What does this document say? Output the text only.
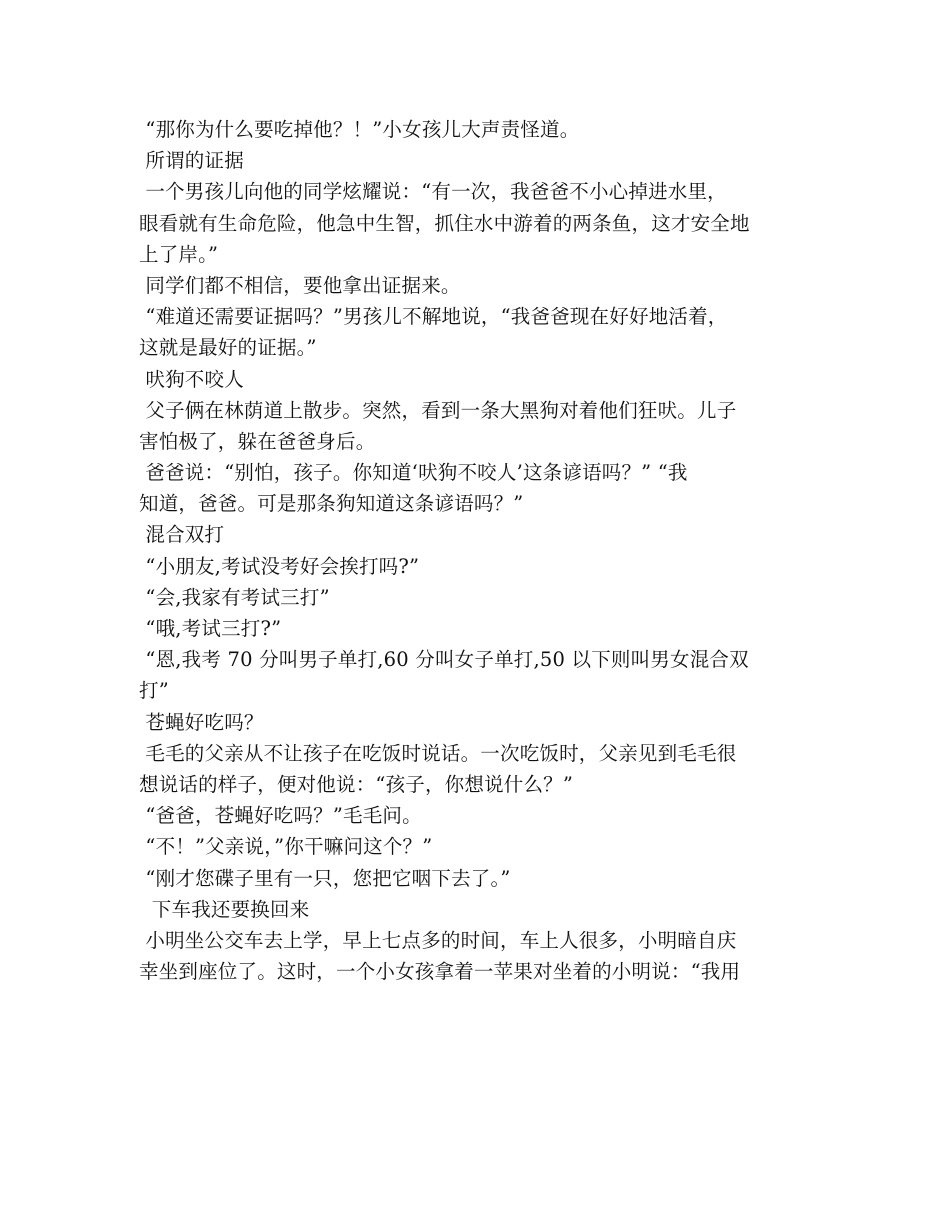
“那你为什么要吃掉他？！”小女孩儿大声责怪道。
所谓的证据
一个男孩儿向他的同学炫耀说：“有一次，我爸爸不小心掉进水里，
眼看就有生命危险，他急中生智，抓住水中游着的两条鱼，这才安全地
上了岸。”
同学们都不相信，要他拿出证据来。
“难道还需要证据吗？”男孩儿不解地说，“我爸爸现在好好地活着，
这就是最好的证据。”
吠狗不咬人
父子俩在林荫道上散步。突然，看到一条大黑狗对着他们狂吠。儿子
害怕极了，躲在爸爸身后。
爸爸说：“别怕，孩子。你知道‘吠狗不咬人’这条谚语吗？” “我
知道，爸爸。可是那条狗知道这条谚语吗？”
混合双打
“小朋友,考试没考好会挨打吗?”
“会,我家有考试三打”
“哦,考试三打?”
“恩,我考 70 分叫男子单打,60 分叫女子单打,50 以下则叫男女混合双
打”
苍蝇好吃吗？
毛毛的父亲从不让孩子在吃饭时说话。一次吃饭时，父亲见到毛毛很
想说话的样子，便对他说：“孩子，你想说什么？”
“爸爸，苍蝇好吃吗？”毛毛问。
“不！”父亲说，”你干嘛问这个？”
“刚才您碟子里有一只，您把它咽下去了。”
下车我还要换回来
小明坐公交车去上学，早上七点多的时间，车上人很多，小明暗自庆
幸坐到座位了。这时，一个小女孩拿着一苹果对坐着的小明说：“我用
